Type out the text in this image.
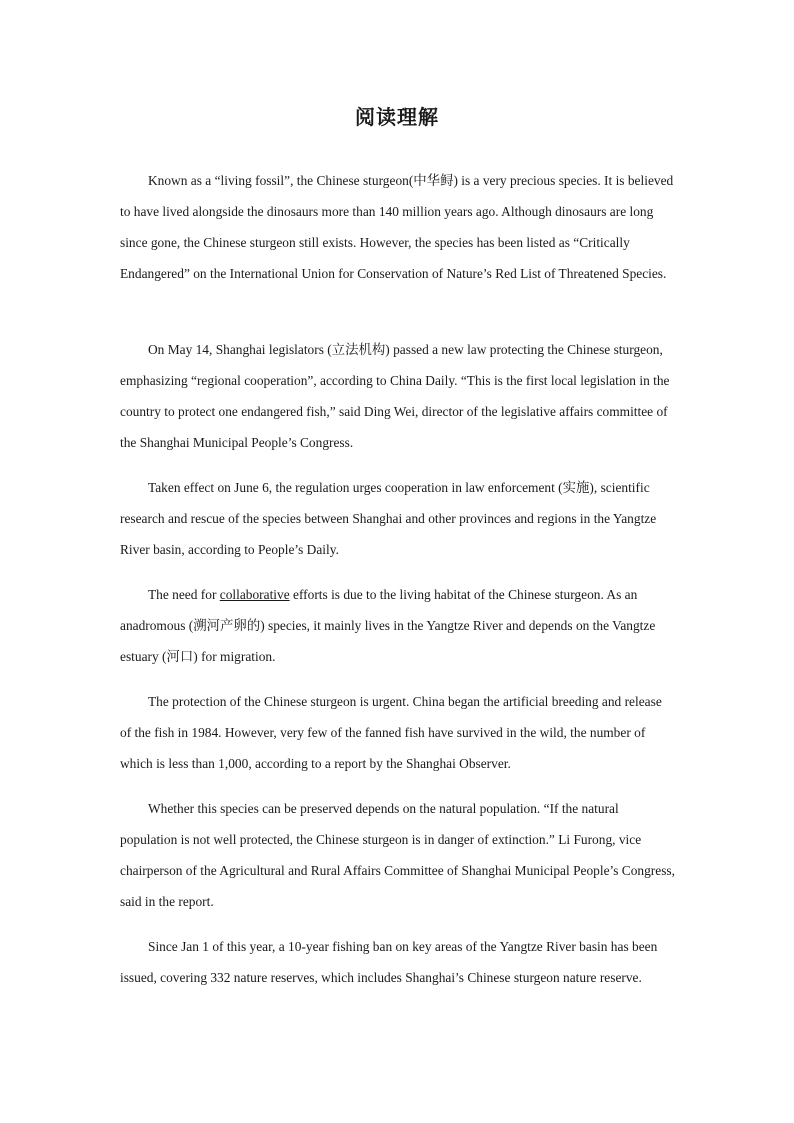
阅读理解

Known as a “living fossil”, the Chinese sturgeon(中华鲟) is a very precious species. It is believed to have lived alongside the dinosaurs more than 140 million years ago. Although dinosaurs are long since gone, the Chinese sturgeon still exists. However, the species has been listed as “Critically Endangered” on the International Union for Conservation of Nature’s Red List of Threatened Species.

On May 14, Shanghai legislators (立法机构) passed a new law protecting the Chinese sturgeon, emphasizing “regional cooperation”, according to China Daily. “This is the first local legislation in the country to protect one endangered fish,” said Ding Wei, director of the legislative affairs committee of the Shanghai Municipal People’s Congress.

Taken effect on June 6, the regulation urges cooperation in law enforcement (实施), scientific research and rescue of the species between Shanghai and other provinces and regions in the Yangtze River basin, according to People’s Daily.

The need for collaborative efforts is due to the living habitat of the Chinese sturgeon. As an anadromous (溯河产卵的) species, it mainly lives in the Yangtze River and depends on the Vangtze estuary (河口) for migration.

The protection of the Chinese sturgeon is urgent. China began the artificial breeding and release of the fish in 1984. However, very few of the fanned fish have survived in the wild, the number of which is less than 1,000, according to a report by the Shanghai Observer.

Whether this species can be preserved depends on the natural population. “If the natural population is not well protected, the Chinese sturgeon is in danger of extinction.” Li Furong, vice chairperson of the Agricultural and Rural Affairs Committee of Shanghai Municipal People’s Congress, said in the report.

Since Jan 1 of this year, a 10-year fishing ban on key areas of the Yangtze River basin has been issued, covering 332 nature reserves, which includes Shanghai’s Chinese sturgeon nature reserve.
